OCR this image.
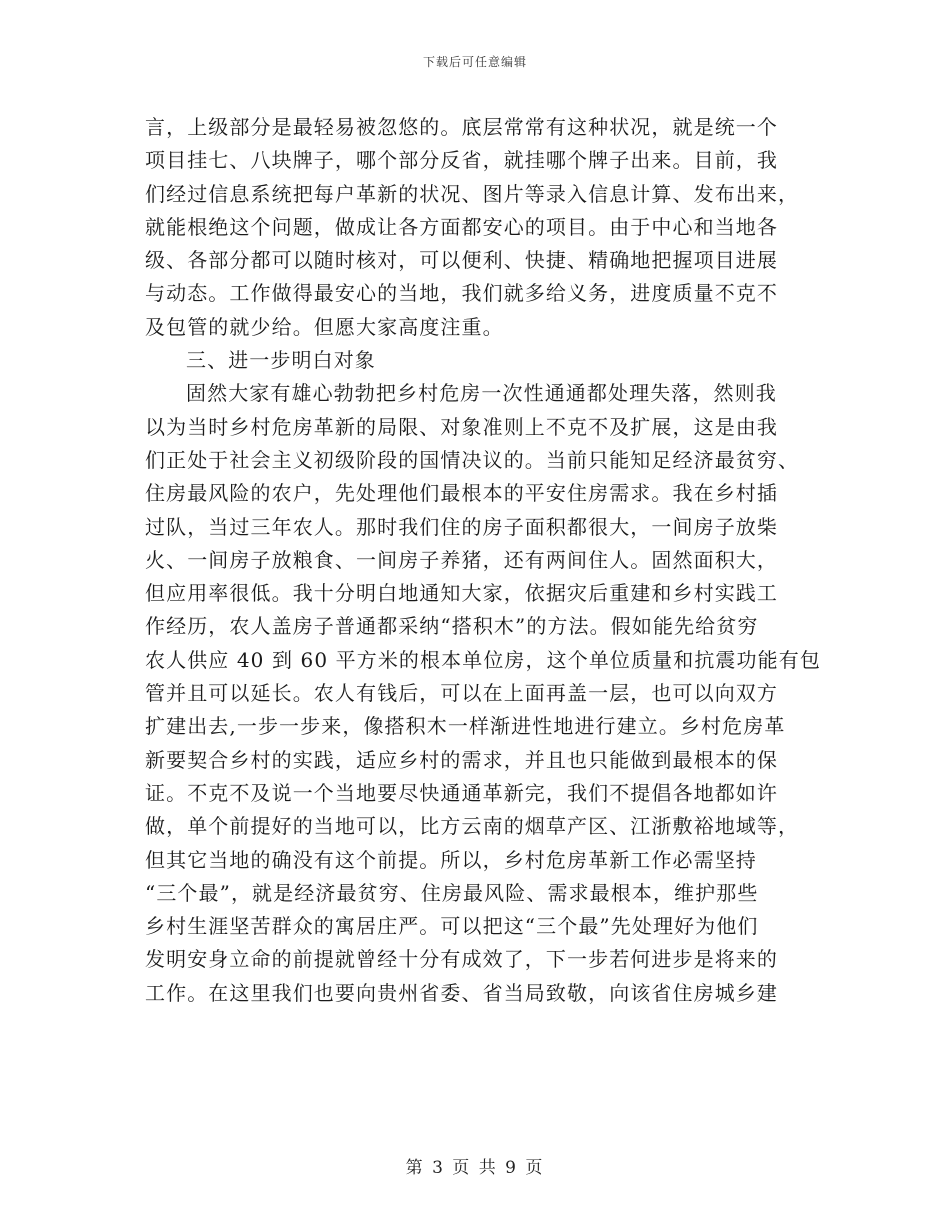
下载后可任意编辑
言，上级部分是最轻易被忽悠的。底层常常有这种状况，就是统一个
项目挂七、八块牌子，哪个部分反省，就挂哪个牌子出来。目前，我
们经过信息系统把每户革新的状况、图片等录入信息计算、发布出来，
就能根绝这个问题，做成让各方面都安心的项目。由于中心和当地各
级、各部分都可以随时核对，可以便利、快捷、精确地把握项目进展
与动态。工作做得最安心的当地，我们就多给义务，进度质量不克不
及包管的就少给。但愿大家高度注重。
三、进一步明白对象
固然大家有雄心勃勃把乡村危房一次性通通都处理失落，然则我
以为当时乡村危房革新的局限、对象准则上不克不及扩展，这是由我
们正处于社会主义初级阶段的国情决议的。当前只能知足经济最贫穷、
住房最风险的农户，先处理他们最根本的平安住房需求。我在乡村插
过队，当过三年农人。那时我们住的房子面积都很大，一间房子放柴
火、一间房子放粮食、一间房子养猪，还有两间住人。固然面积大，
但应用率很低。我十分明白地通知大家，依据灾后重建和乡村实践工
作经历，农人盖房子普通都采纳“搭积木”的方法。假如能先给贫穷
农人供应 40 到 60 平方米的根本单位房，这个单位质量和抗震功能有包
管并且可以延长。农人有钱后，可以在上面再盖一层，也可以向双方
扩建出去,一步一步来，像搭积木一样渐进性地进行建立。乡村危房革
新要契合乡村的实践，适应乡村的需求，并且也只能做到最根本的保
证。不克不及说一个当地要尽快通通革新完，我们不提倡各地都如许
做，单个前提好的当地可以，比方云南的烟草产区、江浙敷裕地域等，
但其它当地的确没有这个前提。所以，乡村危房革新工作必需坚持
“三个最”，就是经济最贫穷、住房最风险、需求最根本，维护那些
乡村生涯坚苦群众的寓居庄严。可以把这“三个最”先处理好为他们
发明安身立命的前提就曾经十分有成效了，下一步若何进步是将来的
工作。在这里我们也要向贵州省委、省当局致敬，向该省住房城乡建
第 3 页 共 9 页
